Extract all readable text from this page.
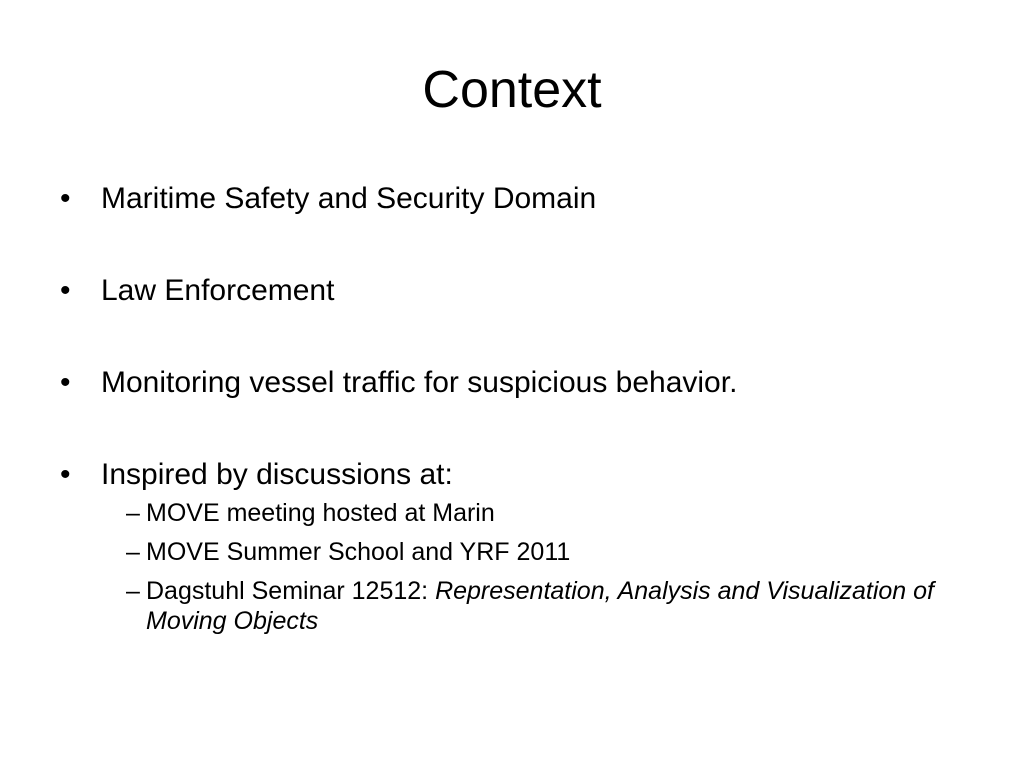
Context
•	Maritime Safety and Security Domain
•	Law Enforcement
•	Monitoring vessel traffic for suspicious behavior.
•	Inspired by discussions at:
– MOVE meeting hosted at Marin
– MOVE Summer School and YRF 2011
– Dagstuhl Seminar 12512: Representation, Analysis and Visualization of Moving Objects
